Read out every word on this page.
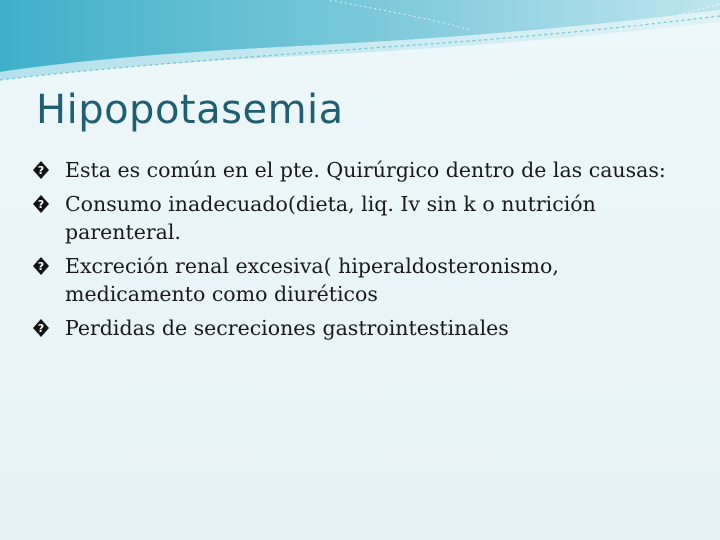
Hipopotasemia
? Esta es común en el pte. Quirúrgico dentro de las causas:
? Consumo inadecuado(dieta, liq. Iv sin k o nutrición parenteral.
? Excreción renal excesiva( hiperaldosteronismo, medicamento como diuréticos
? Perdidas de secreciones gastrointestinales
